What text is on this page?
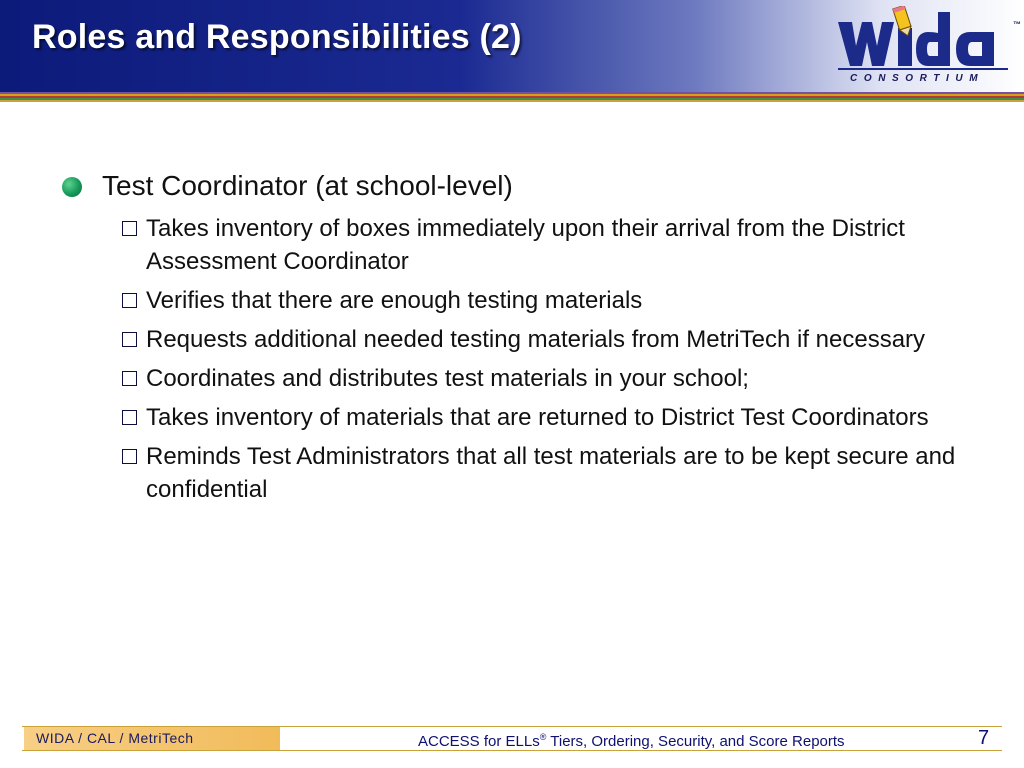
Roles and Responsibilities (2)	™
CONSORTIUM
Test Coordinator (at school-level)
Takes inventory of boxes immediately upon their arrival from the District Assessment Coordinator
Verifies that there are enough testing materials
Requests additional needed testing materials from MetriTech if necessary
Coordinates and distributes test materials in your school;
Takes inventory of materials that are returned to District Test Coordinators
Reminds Test Administrators that all test materials are to be kept secure and confidential
WIDA / CAL / MetriTech	ACCESS for ELLs® Tiers, Ordering, Security, and Score Reports	7
